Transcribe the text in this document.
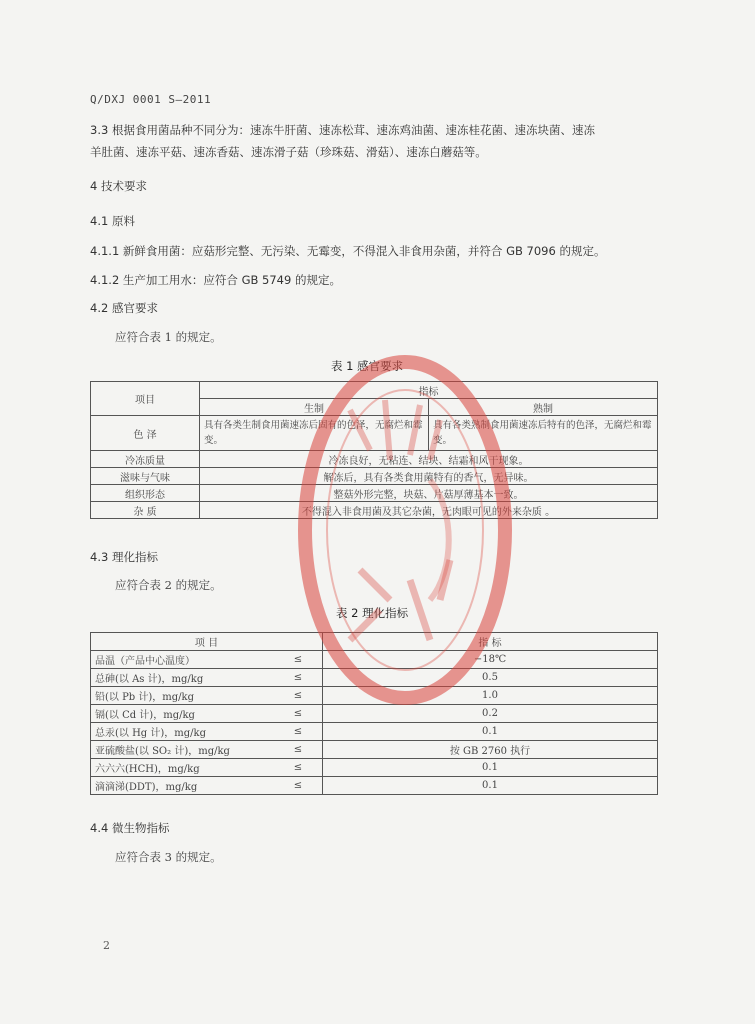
Q/DXJ 0001 S—2011
3.3 根据食用菌品种不同分为：速冻牛肝菌、速冻松茸、速冻鸡油菌、速冻桂花菌、速冻块菌、速冻
羊肚菌、速冻平菇、速冻香菇、速冻滑子菇（珍珠菇、滑菇）、速冻白蘑菇等。
4 技术要求
4.1 原料
4.1.1 新鲜食用菌：应菇形完整、无污染、无霉变，不得混入非食用杂菌，并符合 GB 7096 的规定。
4.1.2 生产加工用水：应符合 GB 5749 的规定。
4.2 感官要求
应符合表 1 的规定。
表 1 感官要求
项目	指标	
	生制	熟制
色 泽	具有各类生制食用菌速冻后固有的色泽，无腐烂和霉变。	具有各类熟制食用菌速冻后特有的色泽，无腐烂和霉变。
冷冻质量	冷冻良好，无粘连、结块、结霜和风干现象。	
滋味与气味	解冻后，具有各类食用菌特有的香气，无异味。	
组织形态	整菇外形完整，块菇、片菇厚薄基本一致。	
杂 质	不得混入非食用菌及其它杂菌，无肉眼可见的外来杂质 。	
4.3 理化指标
应符合表 2 的规定。
表 2 理化指标
项 目		指 标
品温（产品中心温度）	≤	−18℃
总砷(以 As 计)，mg/kg	≤	0.5
铅(以 Pb 计)，mg/kg	≤	1.0
镉(以 Cd 计)，mg/kg	≤	0.2
总汞(以 Hg 计)，mg/kg	≤	0.1
亚硫酸盐(以 SO₂ 计)，mg/kg	≤	按 GB 2760 执行
六六六(HCH)，mg/kg	≤	0.1
滴滴涕(DDT)，mg/kg	≤	0.1
4.4 微生物指标
应符合表 3 的规定。
2
